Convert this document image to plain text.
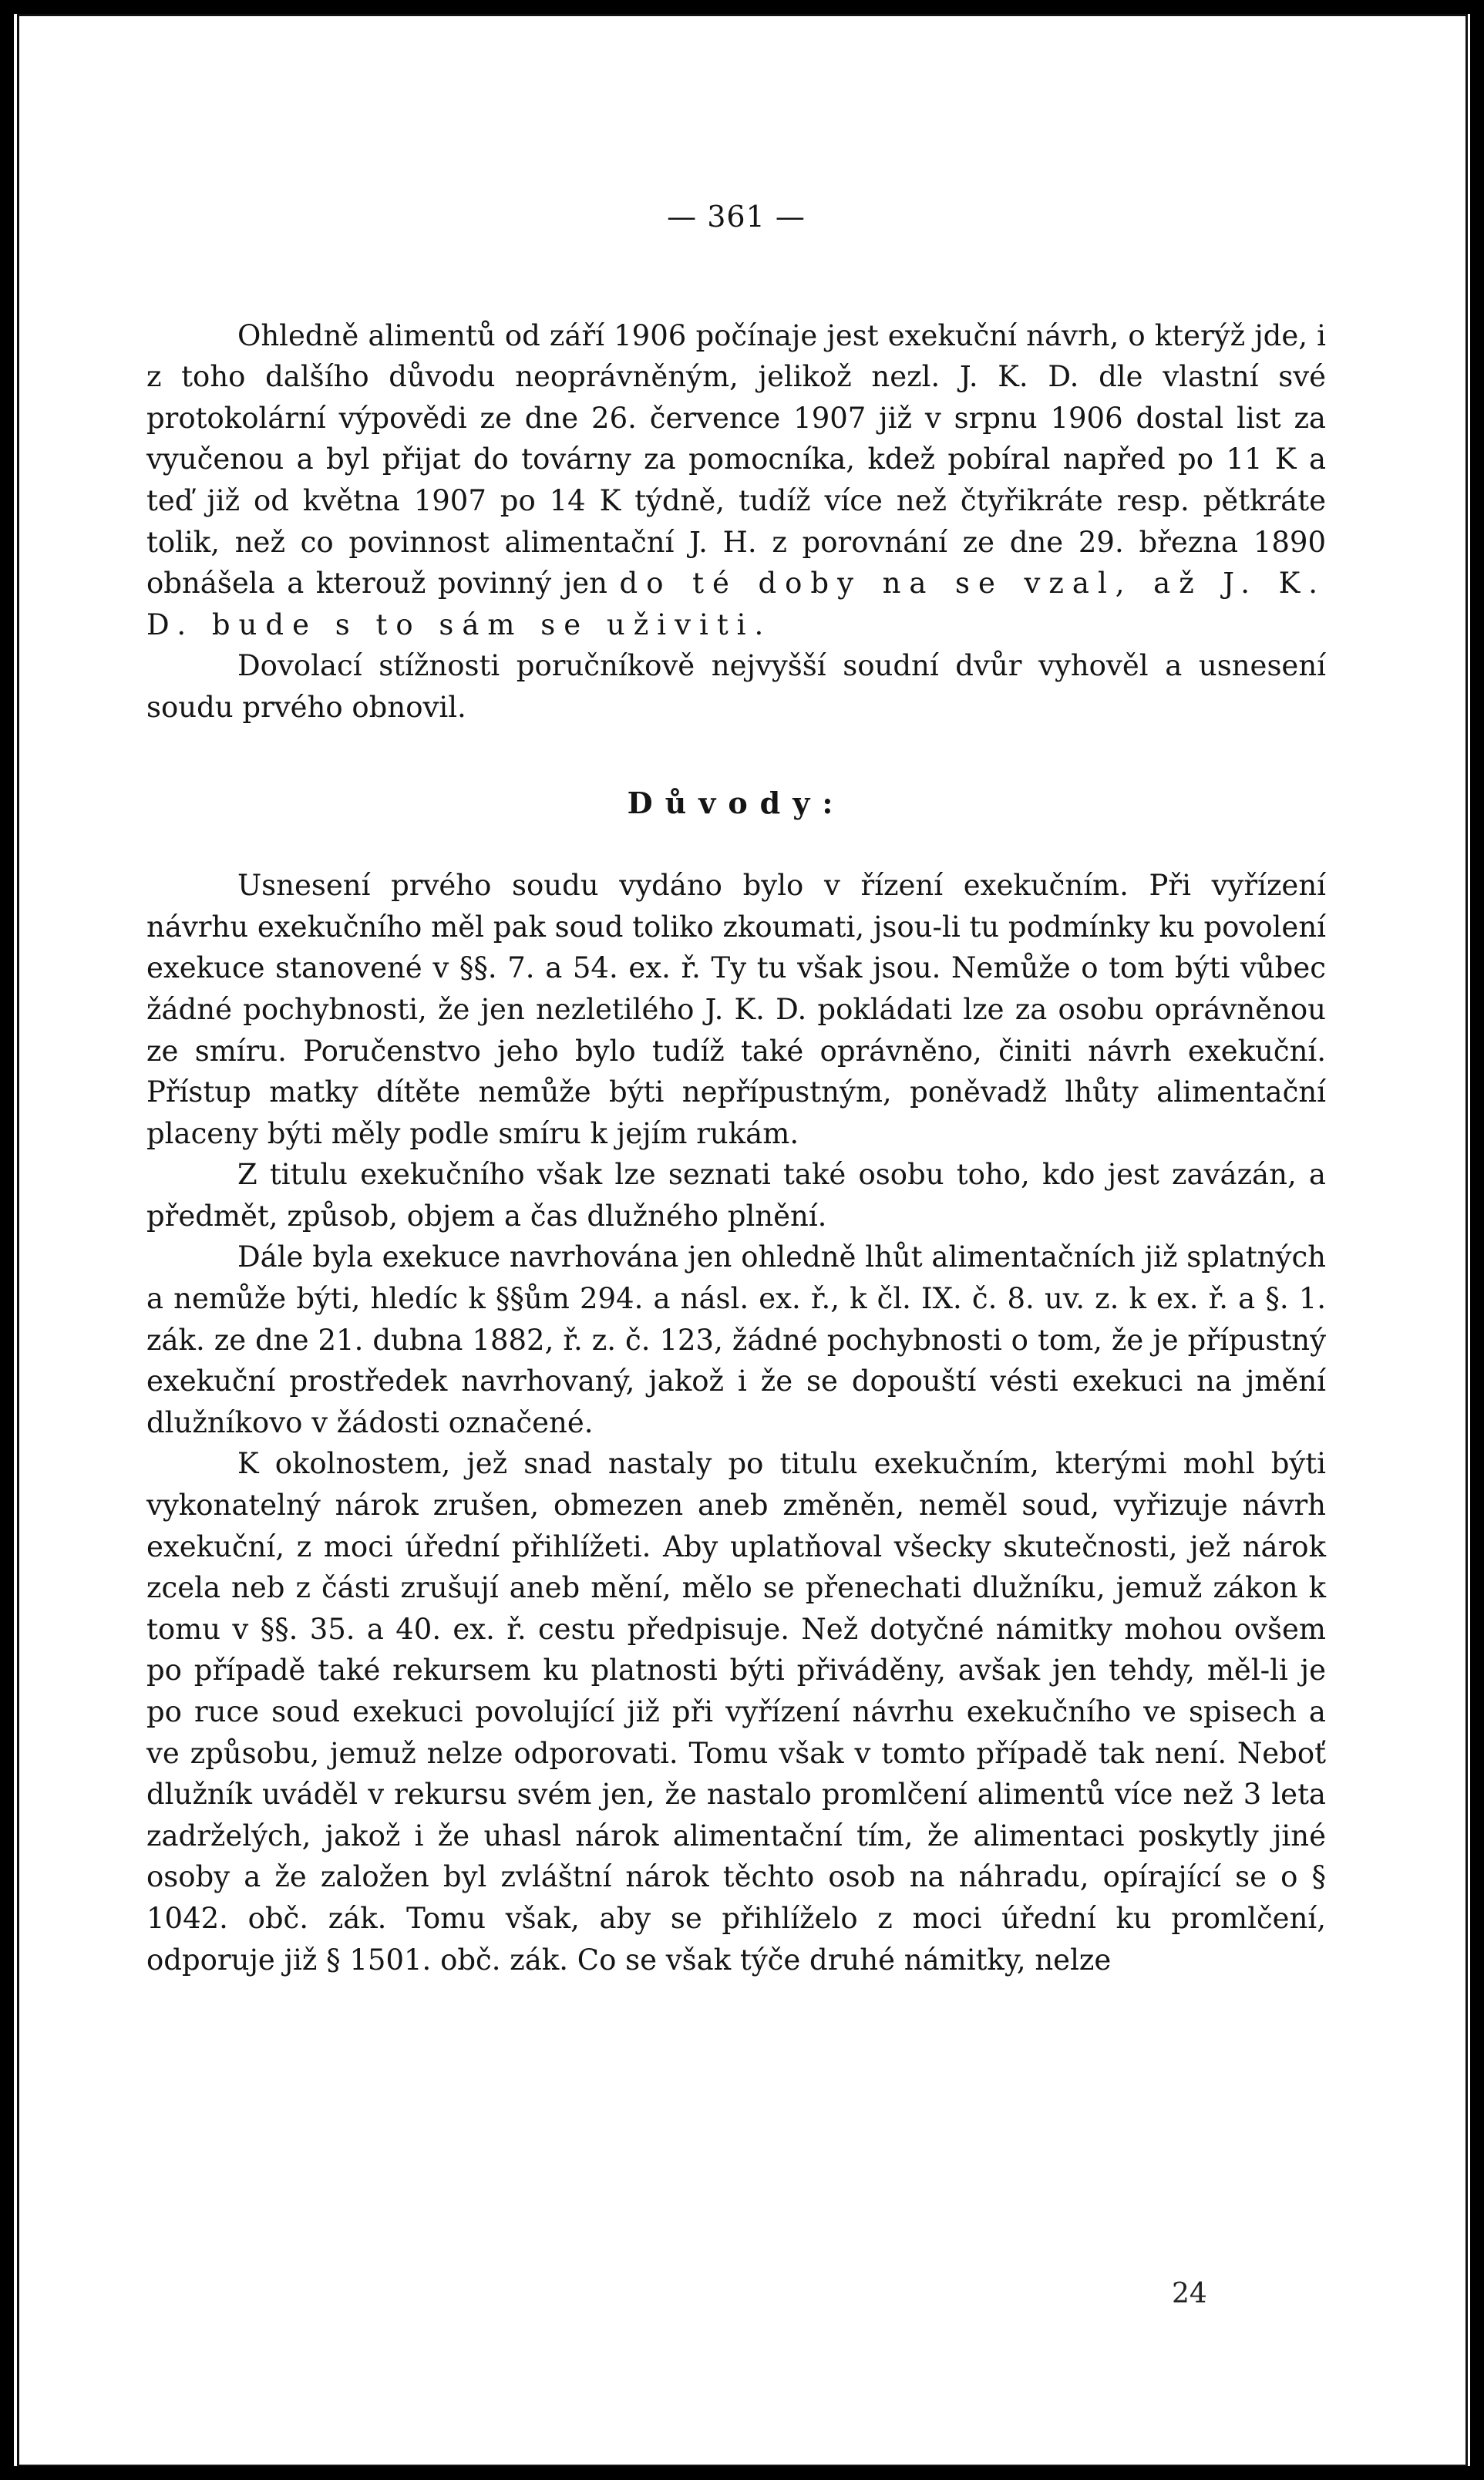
— 361 —

Ohledně alimentů od září 1906 počínaje jest exekuční návrh, o kterýž jde, i z toho dalšího důvodu neoprávněným, jelikož nezl. J. K. D. dle vlastní své protokolární výpovědi ze dne 26. července 1907 již v srpnu 1906 dostal list za vyučenou a byl přijat do továrny za pomocníka, kdež pobíral napřed po 11 K a teď již od května 1907 po 14 K týdně, tudíž více než čtyřikráte resp. pětkráte tolik, než co povinnost alimentační J. H. z porovnání ze dne 29. března 1890 obnášela a kterouž povinný jen do té doby na se vzal, až J. K. D. bude s to sám se uživiti.

Dovolací stížnosti poručníkově nejvyšší soudní dvůr vyhověl a usnesení soudu prvého obnovil.

Důvody:

Usnesení prvého soudu vydáno bylo v řízení exekučním. Při vyřízení návrhu exekučního měl pak soud toliko zkoumati, jsou-li tu podmínky ku povolení exekuce stanovené v §§. 7. a 54. ex. ř. Ty tu však jsou. Nemůže o tom býti vůbec žádné pochybnosti, že jen nezletilého J. K. D. pokládati lze za osobu oprávněnou ze smíru. Poručenstvo jeho bylo tudíž také oprávněno, činiti návrh exekuční. Přístup matky dítěte nemůže býti nepřípustným, poněvadž lhůty alimentační placeny býti měly podle smíru k jejím rukám.

Z titulu exekučního však lze seznati také osobu toho, kdo jest zavázán, a předmět, způsob, objem a čas dlužného plnění.

Dále byla exekuce navrhována jen ohledně lhůt alimentačních již splatných a nemůže býti, hledíc k §§ům 294. a násl. ex. ř., k čl. IX. č. 8. uv. z. k ex. ř. a §. 1. zák. ze dne 21. dubna 1882, ř. z. č. 123, žádné pochybnosti o tom, že je přípustný exekuční prostředek navrhovaný, jakož i že se dopouští vésti exekuci na jmění dlužníkovo v žádosti označené.

K okolnostem, jež snad nastaly po titulu exekučním, kterými mohl býti vykonatelný nárok zrušen, obmezen aneb změněn, neměl soud, vyřizuje návrh exekuční, z moci úřední přihlížeti. Aby uplatňoval všecky skutečnosti, jež nárok zcela neb z části zrušují aneb mění, mělo se přenechati dlužníku, jemuž zákon k tomu v §§. 35. a 40. ex. ř. cestu předpisuje. Než dotyčné námitky mohou ovšem po případě také rekursem ku platnosti býti přiváděny, avšak jen tehdy, měl-li je po ruce soud exekuci povolující již při vyřízení návrhu exekučního ve spisech a ve způsobu, jemuž nelze odporovati. Tomu však v tomto případě tak není. Neboť dlužník uváděl v rekursu svém jen, že nastalo promlčení alimentů více než 3 leta zadrželých, jakož i že uhasl nárok alimentační tím, že alimentaci poskytly jiné osoby a že založen byl zvláštní nárok těchto osob na náhradu, opírající se o § 1042. obč. zák. Tomu však, aby se přihlíželo z moci úřední ku promlčení, odporuje již § 1501. obč. zák. Co se však týče druhé námitky, nelze

24
